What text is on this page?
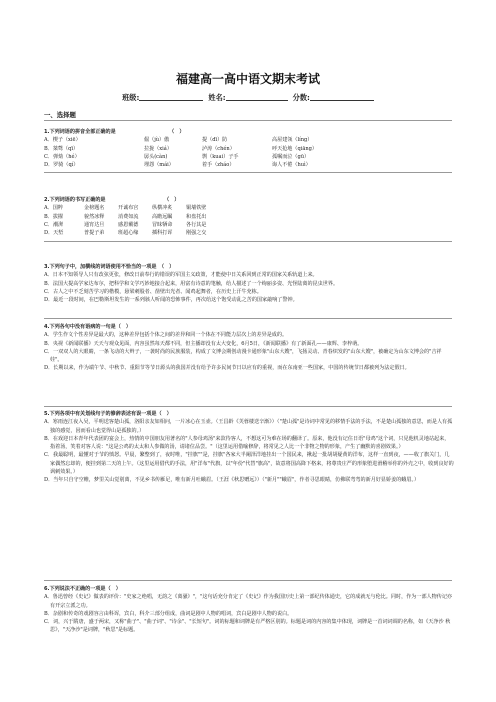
福建高一高中语文期末考试
班级:	姓名:	分数:
一、选择题
1.下列词语的拼音全部正确的是　　　　　　　　　　　（　）
A．楔子（xiē）	倔（jù）傲	提（dī）防	高屋建瓴（líng）
B．桀骜（qī）	拉拢（xiá）	泸涛（chén）	呼天抢地（qiāng）
C．弹劾（hé）	孱头(càn)	剽（kuai）子手	孤嘱而泣（gū）
D．罗骑（qí）	埋怨（mái）	着手（zháo）	诲人不倦（huì）
2.下列词语的书写正确的是　　　　　　　　　　　　（　）
A．国粹	金榜题名	开诚布宫	纵横冲炙	铜墙铁壁
B．拔擢	貌然冰释	消费如流	高瞻远瞩	和盘托出
C．潮湃	通宵达旦	感恩戴德	冒昧牺命	各行其是
D．天堑	普提子弟	班超心缘	插科打诨	刚强之交
3.下列句子中，加横线的词语使用不恰当的一项是　（　）
A．日本不知领导人只有改弦更张，修改日前奉行的错误的军国主义政策，才能使中日关系回到正常的国家关系轨道上来。
B．法国大提高学家达布尔，把科学和文学巧妙地接合起来，用富有诗意的笔触，给人描述了一个绚丽多姿、光怪陆离的昆虫世界。
C．古人之中不乏刻苦学习的楷模，悬梁刺股者、凿壁出光者、闻鸡起舞者，在历史上汗牛充栋。
D．最近一段时间，在巴勒斯坦发生的一系列骇人听闻的恐怖事件，再次给这个饱受动乱之苦的国家敲响了警钟。
4.下列各句中没有语病的一句是（　）
A．学生作文个性差异是最大的，这种差异包括个体之间的差异和同一个体在不同能力层次上的差异是成的。
B．央视《新闻联播》天天与观众见面，内容虽然每天都不同，但主播却没有太大变化，6月5日，《新闻联播》有了新面孔——康辉、李梓萌。
C．一双双人的大眼睛，一条飞动的大辫子，一袭时尚的民族服装，构成了文博会期创动漫卡通形象"山东大嫂"，飞扬灵动、青春炽发的"山东大嫂"，被确定为山东文博会的"吉祥娃"。
D．长期以来，作为端午节、中秋节、重阳节等节日源头的我国并没有给予许多民间节日以应有的重视，而在东南亚一些国家，中国的传统节日都被列为法定假日。
5.下列各项中有关划线句子的修辞表述有误一项是（　）
A．寒雨连江夜入吴，平明送客楚山孤，洛阳亲友如相问，一片冰心在玉壶。（王昌龄《芙蓉楼送辛渐》）（"楚山孤"是诗词中常见的移情手法的手法，不是楚山孤独的意思，而是人有孤独的感觉，因而看山也觉得山是孤独的。）
B．在戏迎日本青年代表团的宴会上，热情的中国朋友用著名的"人参母鸡汤"来款待客人，不想这可为难在场的翻译了。原来，他没有记住日语"母鸡"这个词，只见他机灵地站起来，指着汤，笑着对客人说："这是公鸡的太太和人参做的汤，请诸位品尝。"（这里运用借喻修辞，将常见之人比一个非物之物的形象，产生了幽默的喜剧效果。）
C．我最聪明，最懂对于节的愤怒。早晨，繁整到了，夜时唯，"挂旗""是，挂旗"各家大半阑泽洋地挂出一个国民来，揪起一批胡胡疑黄的洋布，这样一直到夜，——收了旗关门，几家偶然忘却的，便挂到第二天的上午。（这里运用借代的手法，用"洋布"代旗，以"年份"代替"旗高"，故意将国高降下格来，将尊贵庄严的形象堕进滑稽举你的外壳之中，收到良好的讽刺效果。）
D．当年只自守空帷，梦里关山觉别离，不见乡书传雁足，唯有新月吐蛾眉。（王涯《秋思赠远》）（"新月""蛾眉"，作者寻思眼睛，仿佛联弯弯的新月好显娇姜的蛾眉。）
6.下列说法不正确的一项是（　）
A．鲁迅曾经《史记》做表的评价："史家之绝唱，无韵之《离骚》"，"这句话充分肯定了《史记》作为我国历史上第一部纪传体通史，它的成就无与伦比。同时，作为一部人物传记亦有开宗立派之功。
B．杂剧和传奇的戏剧容言由科诨，宾白，科介三部分组成，曲词是剧中人物的唱词，宾白是剧中人物的说白。
C．词，兴于隋唐，盛于两宋，又称"曲子"、"曲子词"、"诗余"、"长短句"。词的标题和词牌是有严格区别的。标题是词的内容的集中体现，词牌是一首词词调的名称，如《天净沙 秋思》，"天净沙"是词牌，"秋思"是标题。
